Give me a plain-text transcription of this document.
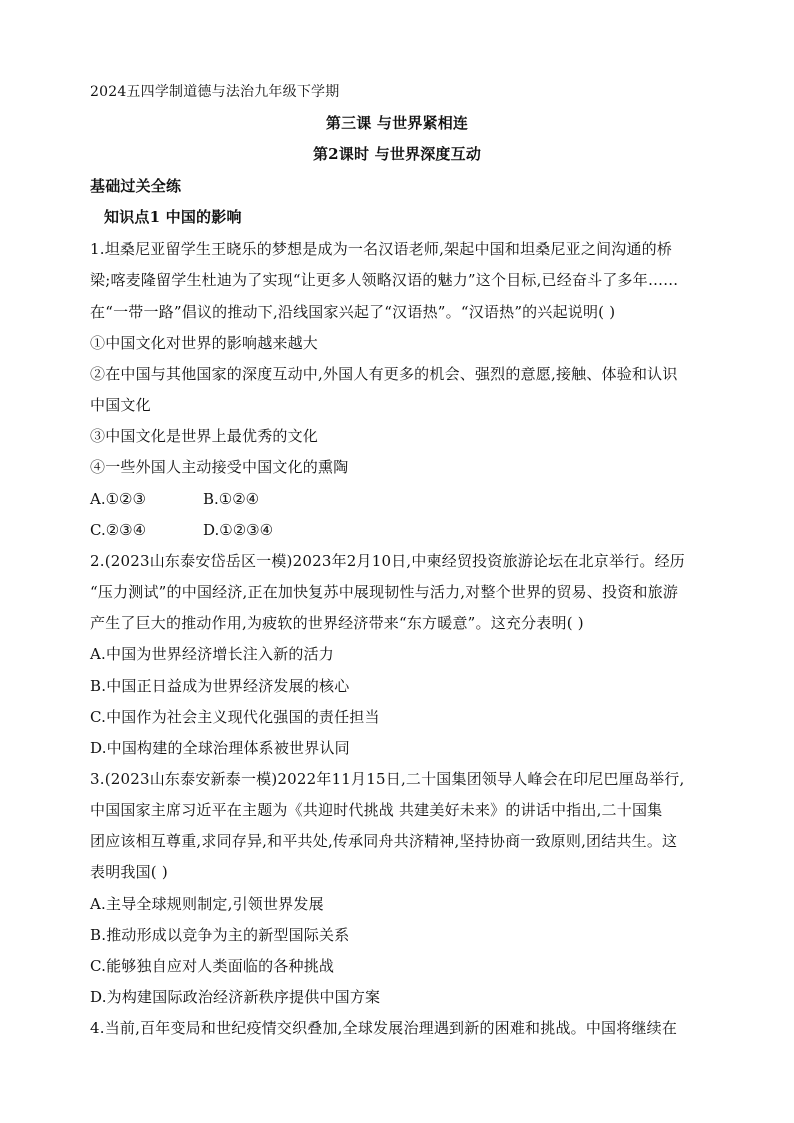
2024五四学制道德与法治九年级下学期
第三课 与世界紧相连
第2课时 与世界深度互动
基础过关全练
知识点1 中国的影响
1.坦桑尼亚留学生王晓乐的梦想是成为一名汉语老师,架起中国和坦桑尼亚之间沟通的桥
梁;喀麦隆留学生杜迪为了实现“让更多人领略汉语的魅力”这个目标,已经奋斗了多年……
在“一带一路”倡议的推动下,沿线国家兴起了“汉语热”。“汉语热”的兴起说明( )
①中国文化对世界的影响越来越大
②在中国与其他国家的深度互动中,外国人有更多的机会、强烈的意愿,接触、体验和认识
中国文化
③中国文化是世界上最优秀的文化
④一些外国人主动接受中国文化的熏陶
A.①②③	B.①②④
C.②③④	D.①②③④
2.(2023山东泰安岱岳区一模)2023年2月10日,中柬经贸投资旅游论坛在北京举行。经历
“压力测试”的中国经济,正在加快复苏中展现韧性与活力,对整个世界的贸易、投资和旅游
产生了巨大的推动作用,为疲软的世界经济带来“东方暖意”。这充分表明( )
A.中国为世界经济增长注入新的活力
B.中国正日益成为世界经济发展的核心
C.中国作为社会主义现代化强国的责任担当
D.中国构建的全球治理体系被世界认同
3.(2023山东泰安新泰一模)2022年11月15日,二十国集团领导人峰会在印尼巴厘岛举行,
中国国家主席习近平在主题为《共迎时代挑战 共建美好未来》的讲话中指出,二十国集
团应该相互尊重,求同存异,和平共处,传承同舟共济精神,坚持协商一致原则,团结共生。这
表明我国( )
A.主导全球规则制定,引领世界发展
B.推动形成以竞争为主的新型国际关系
C.能够独自应对人类面临的各种挑战
D.为构建国际政治经济新秩序提供中国方案
4.当前,百年变局和世纪疫情交织叠加,全球发展治理遇到新的困难和挑战。中国将继续在
